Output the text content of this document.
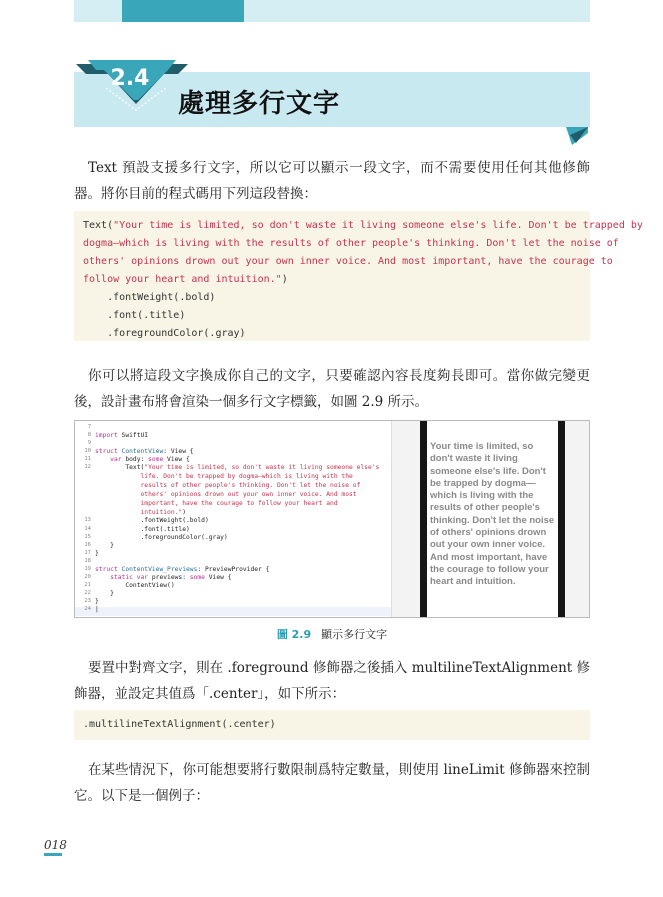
2.4
處理多行文字
Text 預設支援多行文字，所以它可以顯示一段文字，而不需要使用任何其他修飾器。將你目前的程式碼用下列這段替換：
Text("Your time is limited, so don't waste it living someone else's life. Don't be trapped by
dogma—which is living with the results of other people's thinking. Don't let the noise of
others' opinions drown out your own inner voice. And most important, have the courage to
follow your heart and intuition.")
.fontWeight(.bold)
.font(.title)
.foregroundColor(.gray)
你可以將這段文字換成你自己的文字，只要確認內容長度夠長即可。當你做完變更後，設計畫布將會渲染一個多行文字標籤，如圖 2.9 所示。
7
8
9
10
11
12
13
14
15
16
17
18
19
20
21
22
23
24
import SwiftUI
struct ContentView: View {
var body: some View {
Text("Your time is limited, so don't waste it living someone else's
life. Don't be trapped by dogma—which is living with the
results of other people's thinking. Don't let the noise of
others' opinions drown out your own inner voice. And most
important, have the courage to follow your heart and
intuition.")
.fontWeight(.bold)
.font(.title)
.foregroundColor(.gray)
}
}
struct ContentView_Previews: PreviewProvider {
static var previews: some View {
ContentView()
}
}
|
Your time is limited, so don't waste it living someone else's life. Don't be trapped by dogma—which is living with the results of other people's thinking. Don't let the noise of others' opinions drown out your own inner voice. And most important, have the courage to follow your heart and intuition.
圖 2.9 顯示多行文字
要置中對齊文字，則在 .foreground 修飾器之後插入 multilineTextAlignment 修飾器，並設定其值爲「.center」，如下所示：
.multilineTextAlignment(.center)
在某些情況下，你可能想要將行數限制爲特定數量，則使用 lineLimit 修飾器來控制它。以下是一個例子：
018
